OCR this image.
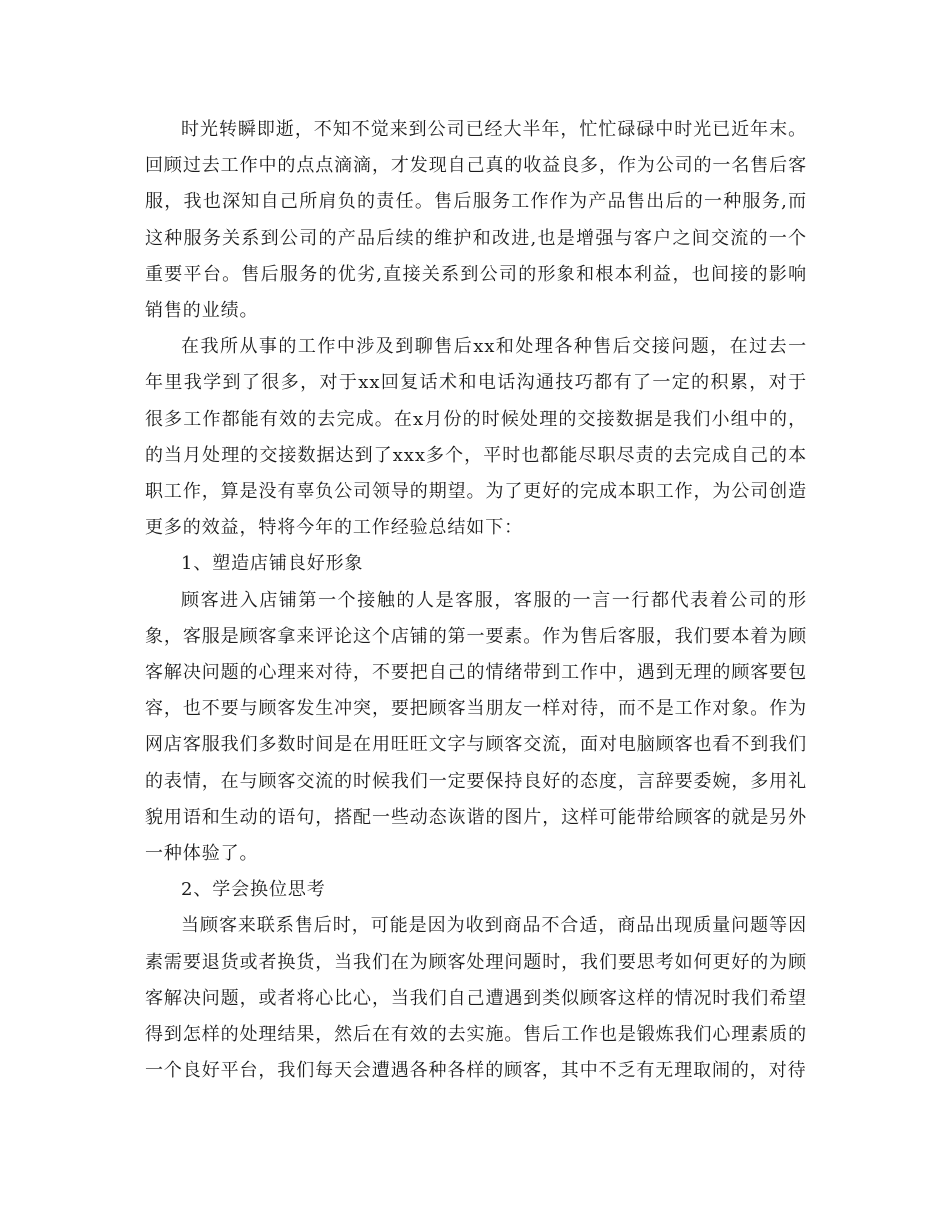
时光转瞬即逝，不知不觉来到公司已经大半年，忙忙碌碌中时光已近年末。回顾过去工作中的点点滴滴，才发现自己真的收益良多，作为公司的一名售后客服，我也深知自己所肩负的责任。售后服务工作作为产品售出后的一种服务,而这种服务关系到公司的产品后续的维护和改进,也是增强与客户之间交流的一个重要平台。售后服务的优劣,直接关系到公司的形象和根本利益，也间接的影响销售的业绩。

在我所从事的工作中涉及到聊售后xx和处理各种售后交接问题，在过去一年里我学到了很多，对于xx回复话术和电话沟通技巧都有了一定的积累，对于很多工作都能有效的去完成。在x月份的时候处理的交接数据是我们小组中的，的当月处理的交接数据达到了xxx多个，平时也都能尽职尽责的去完成自己的本职工作，算是没有辜负公司领导的期望。为了更好的完成本职工作，为公司创造更多的效益，特将今年的工作经验总结如下：

1、塑造店铺良好形象

顾客进入店铺第一个接触的人是客服，客服的一言一行都代表着公司的形象，客服是顾客拿来评论这个店铺的第一要素。作为售后客服，我们要本着为顾客解决问题的心理来对待，不要把自己的情绪带到工作中，遇到无理的顾客要包容，也不要与顾客发生冲突，要把顾客当朋友一样对待，而不是工作对象。作为网店客服我们多数时间是在用旺旺文字与顾客交流，面对电脑顾客也看不到我们的表情，在与顾客交流的时候我们一定要保持良好的态度，言辞要委婉，多用礼貌用语和生动的语句，搭配一些动态诙谐的图片，这样可能带给顾客的就是另外一种体验了。

2、学会换位思考

当顾客来联系售后时，可能是因为收到商品不合适，商品出现质量问题等因素需要退货或者换货，当我们在为顾客处理问题时，我们要思考如何更好的为顾客解决问题，或者将心比心，当我们自己遭遇到类似顾客这样的情况时我们希望得到怎样的处理结果，然后在有效的去实施。售后工作也是锻炼我们心理素质的一个良好平台，我们每天会遭遇各种各样的顾客，其中不乏有无理取闹的，对待
